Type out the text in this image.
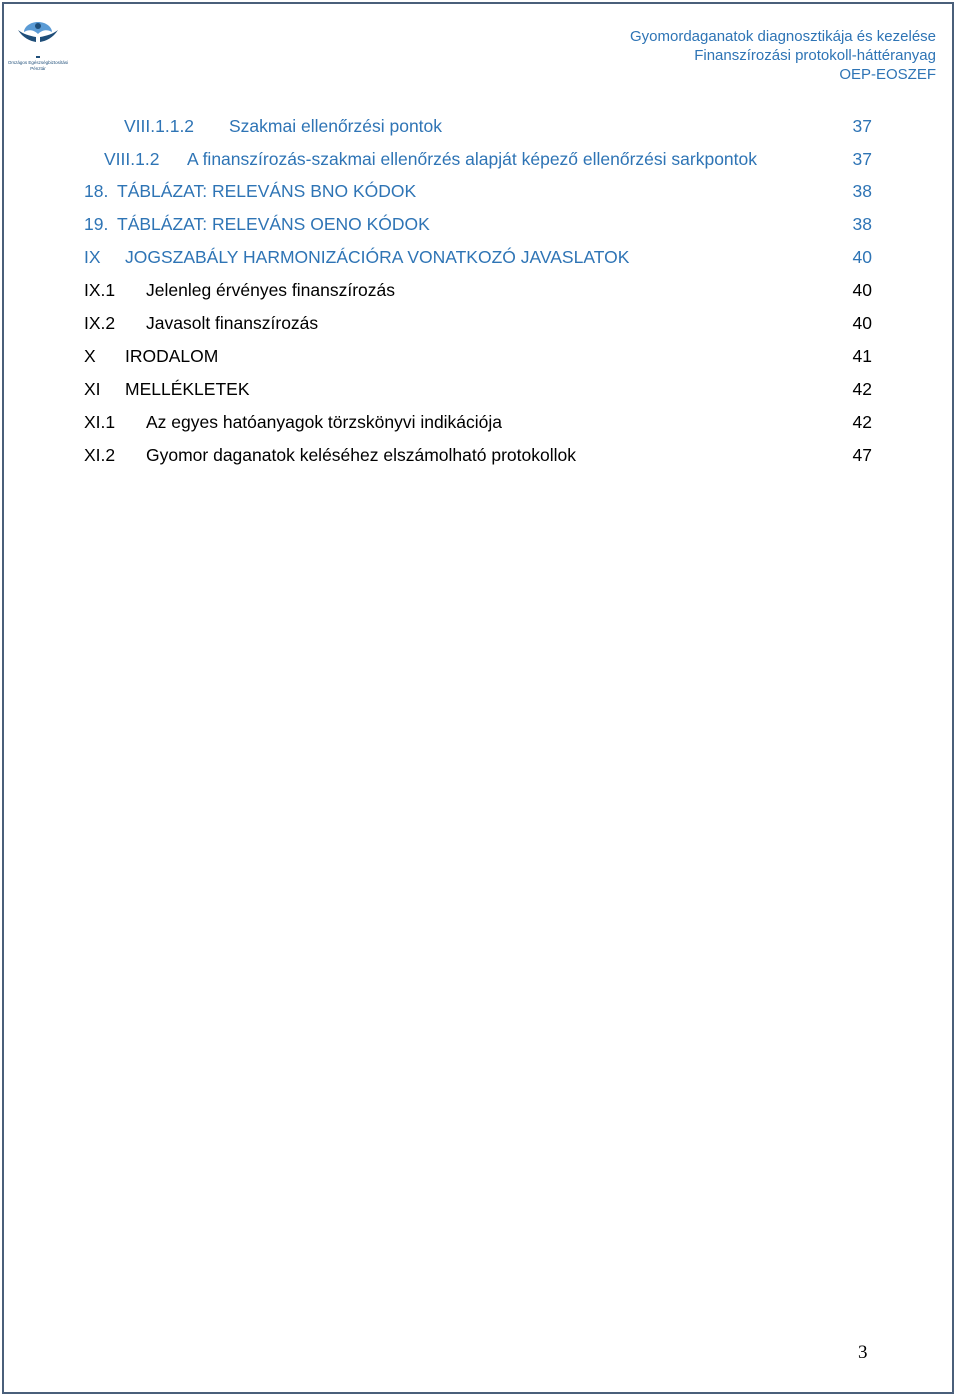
Országos Egészségbiztosítási
Pénztár
Gyomordaganatok diagnosztikája és kezelése
Finanszírozási protokoll-háttéranyag
OEP-EOSZEF
VIII.1.1.2 Szakmai ellenőrzési pontok	37
VIII.1.2 A finanszírozás-szakmai ellenőrzés alapját képező ellenőrzési sarkpontok	37
18. TÁBLÁZAT: RELEVÁNS BNO KÓDOK	38
19. TÁBLÁZAT: RELEVÁNS OENO KÓDOK	38
IX JOGSZABÁLY HARMONIZÁCIÓRA VONATKOZÓ JAVASLATOK	40
IX.1 Jelenleg érvényes finanszírozás	40
IX.2 Javasolt finanszírozás	40
X IRODALOM	41
XI MELLÉKLETEK	42
XI.1 Az egyes hatóanyagok törzskönyvi indikációja	42
XI.2 Gyomor daganatok keléséhez elszámolható protokollok	47
3
